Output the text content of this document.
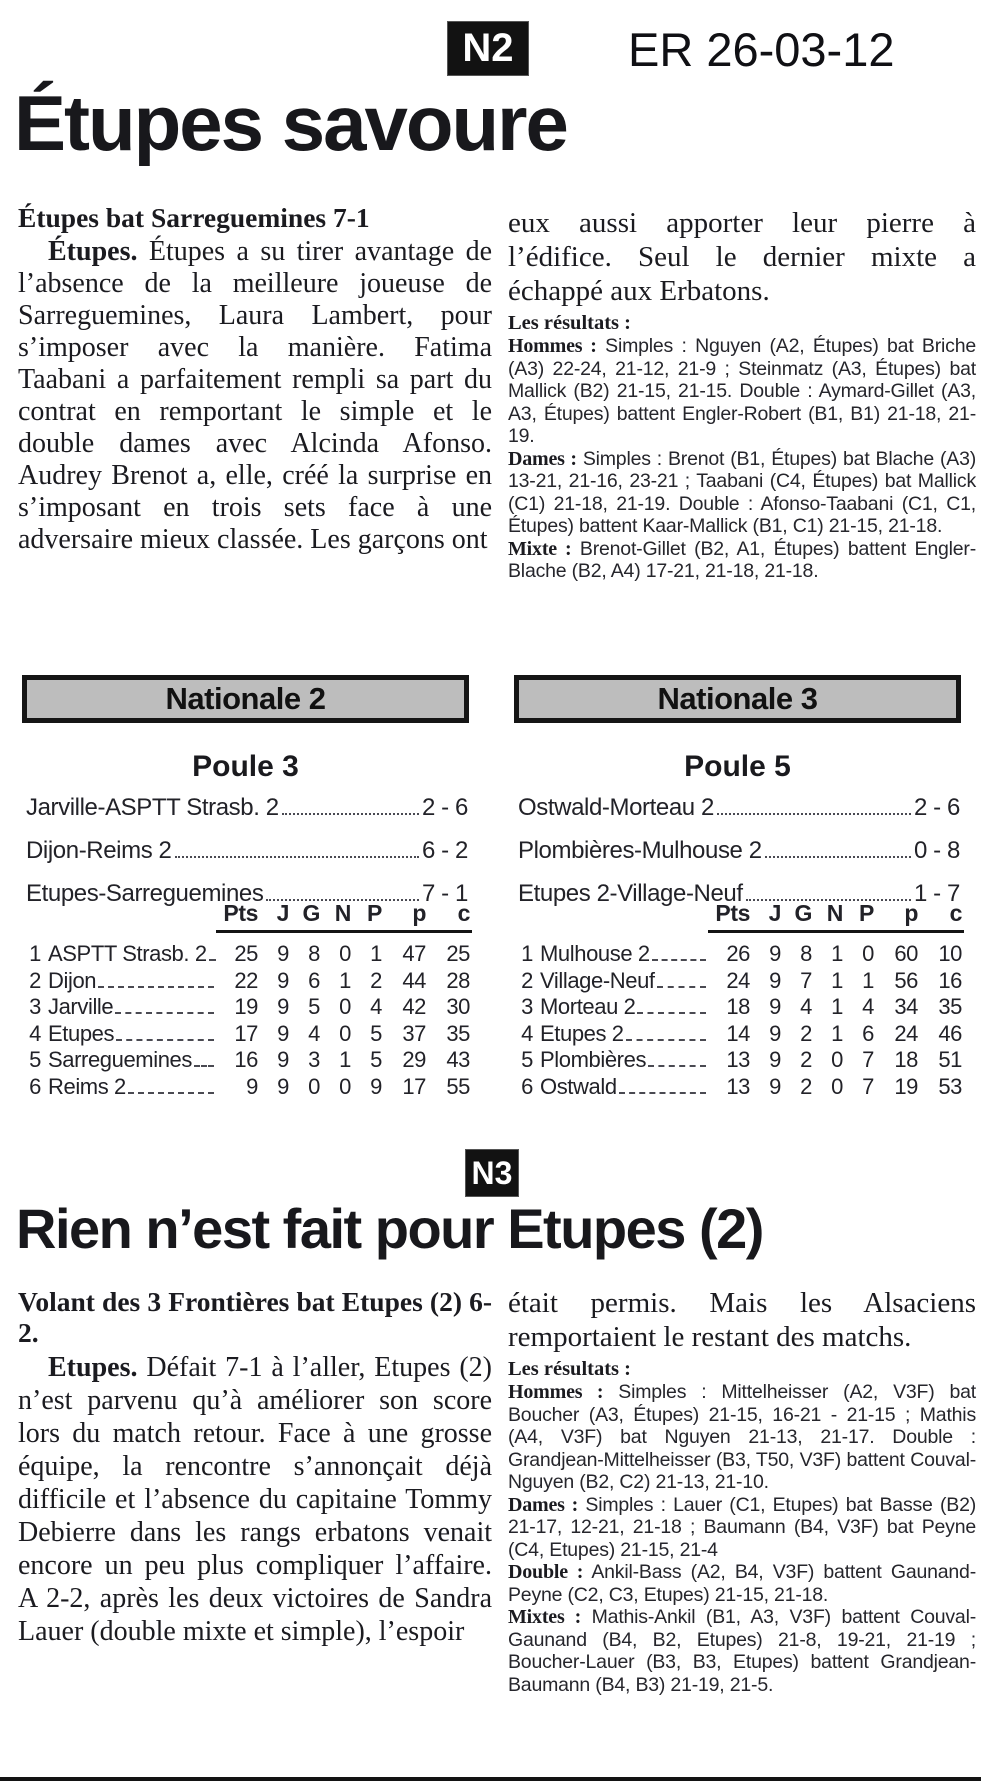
N2 ER 26-03-12
Étupes savoure

Étupes bat Sarreguemines 7-1

Étupes. Étupes a su tirer avantage de l’absence de la meilleure joueuse de Sarreguemines, Laura Lambert, pour s’imposer avec la manière. Fatima Taabani a parfaitement rempli sa part du contrat en remportant le simple et le double dames avec Alcinda Afonso. Audrey Brenot a, elle, créé la surprise en s’imposant en trois sets face à une adversaire mieux classée. Les garçons ont

eux aussi apporter leur pierre à l’édifice. Seul le dernier mixte a échappé aux Erbatons.

Les résultats :

Hommes : Simples : Nguyen (A2, Étupes) bat Briche (A3) 22-24, 21-12, 21-9 ; Steinmatz (A3, Étupes) bat Mallick (B2) 21-15, 21-15. Double : Aymard-Gillet (A3, A3, Étupes) battent Engler-Robert (B1, B1) 21-18, 21-19.

Dames : Simples : Brenot (B1, Étupes) bat Blache (A3) 13-21, 21-16, 23-21 ; Taabani (C4, Étupes) bat Mallick (C1) 21-18, 21-19. Double : Afonso-Taabani (C1, C1, Étupes) battent Kaar-Mallick (B1, C1) 21-15, 21-18.

Mixte : Brenot-Gillet (B2, A1, Étupes) battent Engler-Blache (B2, A4) 17-21, 21-18, 21-18.

Nationale 2	Nationale 3
Poule 3	Poule 5
Jarville-ASPTT Strasb. 2	2 - 6
Dijon-Reims 2	6 - 2
Etupes-Sarreguemines	7 - 1
Ostwald-Morteau 2	2 - 6
Plombières-Mulhouse 2	0 - 8
Etupes 2-Village-Neuf	1 - 7
Pts J G N P	p	c
1 ASPTT Strasb. 2	25 9 8 0 1 47 25
2 Dijon	22 9 6 1 2 44 28
3 Jarville	19 9 5 0 4 42 30
4 Etupes	17 9 4 0 5 37 35
5 Sarreguemines	16 9 3 1 5 29 43
6 Reims 2	9 9 0 0 9 17 55
Pts J G N P	p	c
1 Mulhouse 2	26 9 8 1 0 60 10
2 Village-Neuf	24 9 7 1 1 56 16
3 Morteau 2	18 9 4 1 4 34 35
4 Etupes 2	14 9 2 1 6 24 46
5 Plombières	13 9 2 0 7 18 51
6 Ostwald	13 9 2 0 7 19 53
N3
Rien n’est fait pour Etupes (2)

Volant des 3 Frontières bat Etupes (2) 6-2.

Etupes. Défait 7-1 à l’aller, Etupes (2) n’est parvenu qu’à améliorer son score lors du match retour. Face à une grosse équipe, la rencontre s’annonçait déjà difficile et l’absence du capitaine Tommy Debierre dans les rangs erbatons venait encore un peu plus compliquer l’affaire. A 2-2, après les deux victoires de Sandra Lauer (double mixte et simple), l’espoir

était permis. Mais les Alsaciens remportaient le restant des matchs.

Les résultats :

Hommes : Simples : Mittelheisser (A2, V3F) bat Boucher (A3, Étupes) 21-15, 16-21 - 21-15 ; Mathis (A4, V3F) bat Nguyen 21-13, 21-17. Double : Grandjean-Mittelheisser (B3, T50, V3F) battent Couval-Nguyen (B2, C2) 21-13, 21-10.

Dames : Simples : Lauer (C1, Etupes) bat Basse (B2) 21-17, 12-21, 21-18 ; Baumann (B4, V3F) bat Peyne (C4, Etupes) 21-15, 21-4

Double : Ankil-Bass (A2, B4, V3F) battent Gaunand-Peyne (C2, C3, Etupes) 21-15, 21-18.

Mixtes : Mathis-Ankil (B1, A3, V3F) battent Couval-Gaunand (B4, B2, Etupes) 21-8, 19-21, 21-19 ; Boucher-Lauer (B3, B3, Etupes) battent Grandjean-Baumann (B4, B3) 21-19, 21-5.
